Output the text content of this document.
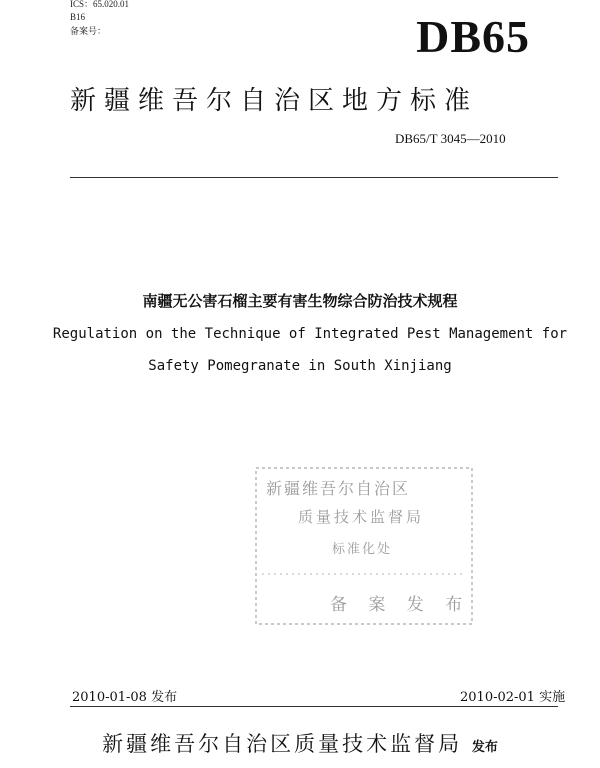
ICS：65.020.01
B16
备案号：	DB65
新疆维吾尔自治区地方标准
DB65/T 3045—2010
南疆无公害石榴主要有害生物综合防治技术规程
Regulation on the Technique of Integrated Pest Management for
Safety Pomegranate in South Xinjiang
新疆维吾尔自治区
质量技术监督局
标准化处
备 案 发 布
2010-01-08 发布	2010-02-01 实施
新疆维吾尔自治区质量技术监督局 发布
